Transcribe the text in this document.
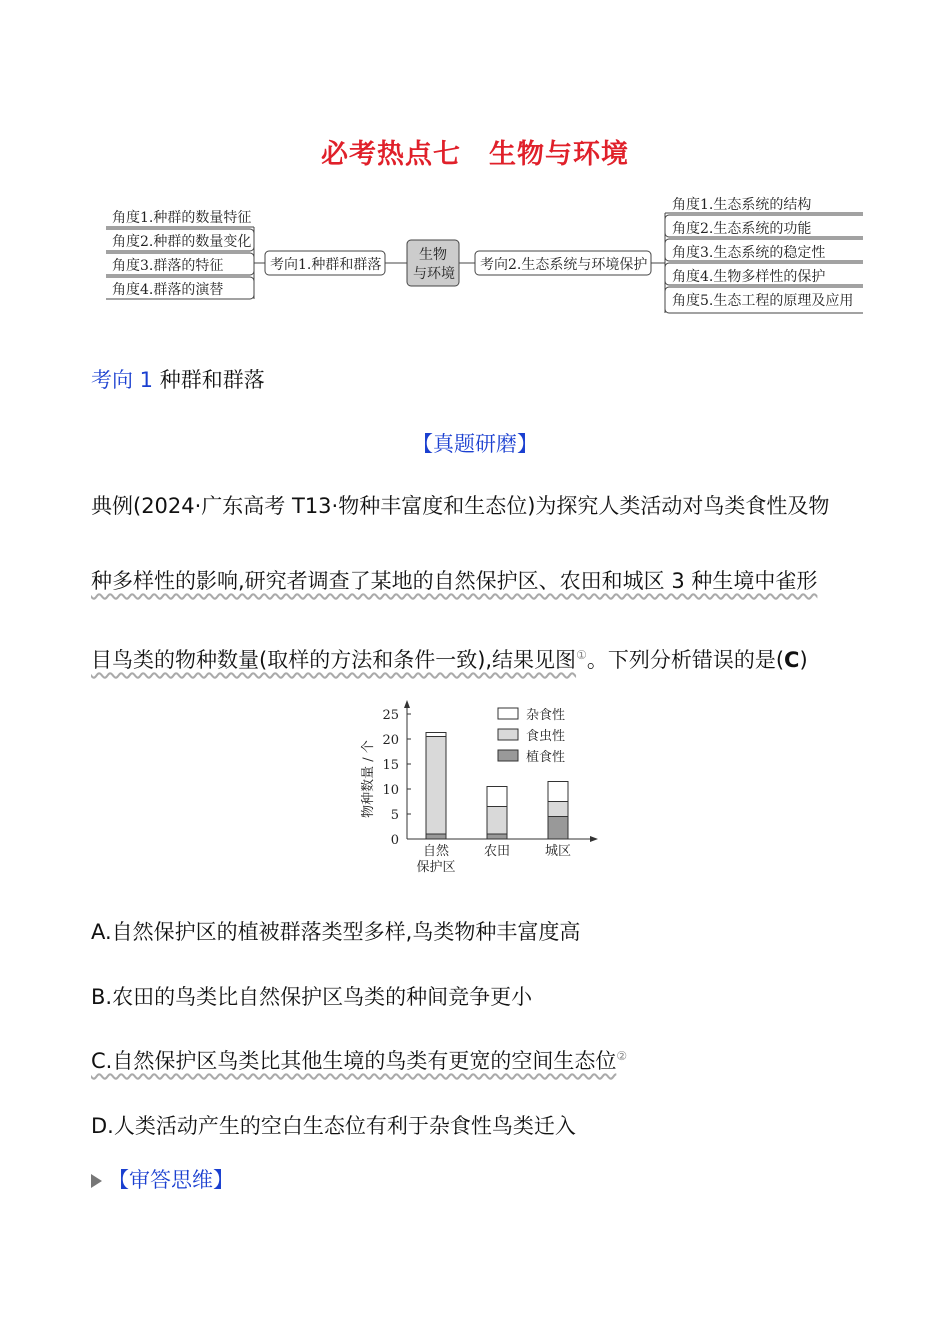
必考热点七　生物与环境
角度1.种群的数量特征
角度2.种群的数量变化
角度3.群落的特征
角度4.群落的演替
考向1.种群和群落
生物
与环境
考向2.生态系统与环境保护
角度1.生态系统的结构
角度2.生态系统的功能
角度3.生态系统的稳定性
角度4.生物多样性的保护
角度5.生态工程的原理及应用
考向 1 种群和群落
【真题研磨】
典例(2024·广东高考 T13·物种丰富度和生态位)为探究人类活动对鸟类食性及物
种多样性的影响,研究者调查了某地的自然保护区、农田和城区 3 种生境中雀形
目鸟类的物种数量(取样的方法和条件一致),结果见图①。下列分析错误的是(C)
0
5
10
15
20
25
物种数量 / 个
自然
保护区
农田	城区
杂食性
食虫性
植食性
A.自然保护区的植被群落类型多样,鸟类物种丰富度高
B.农田的鸟类比自然保护区鸟类的种间竞争更小
C.自然保护区鸟类比其他生境的鸟类有更宽的空间生态位②
D.人类活动产生的空白生态位有利于杂食性鸟类迁入
【审答思维】
